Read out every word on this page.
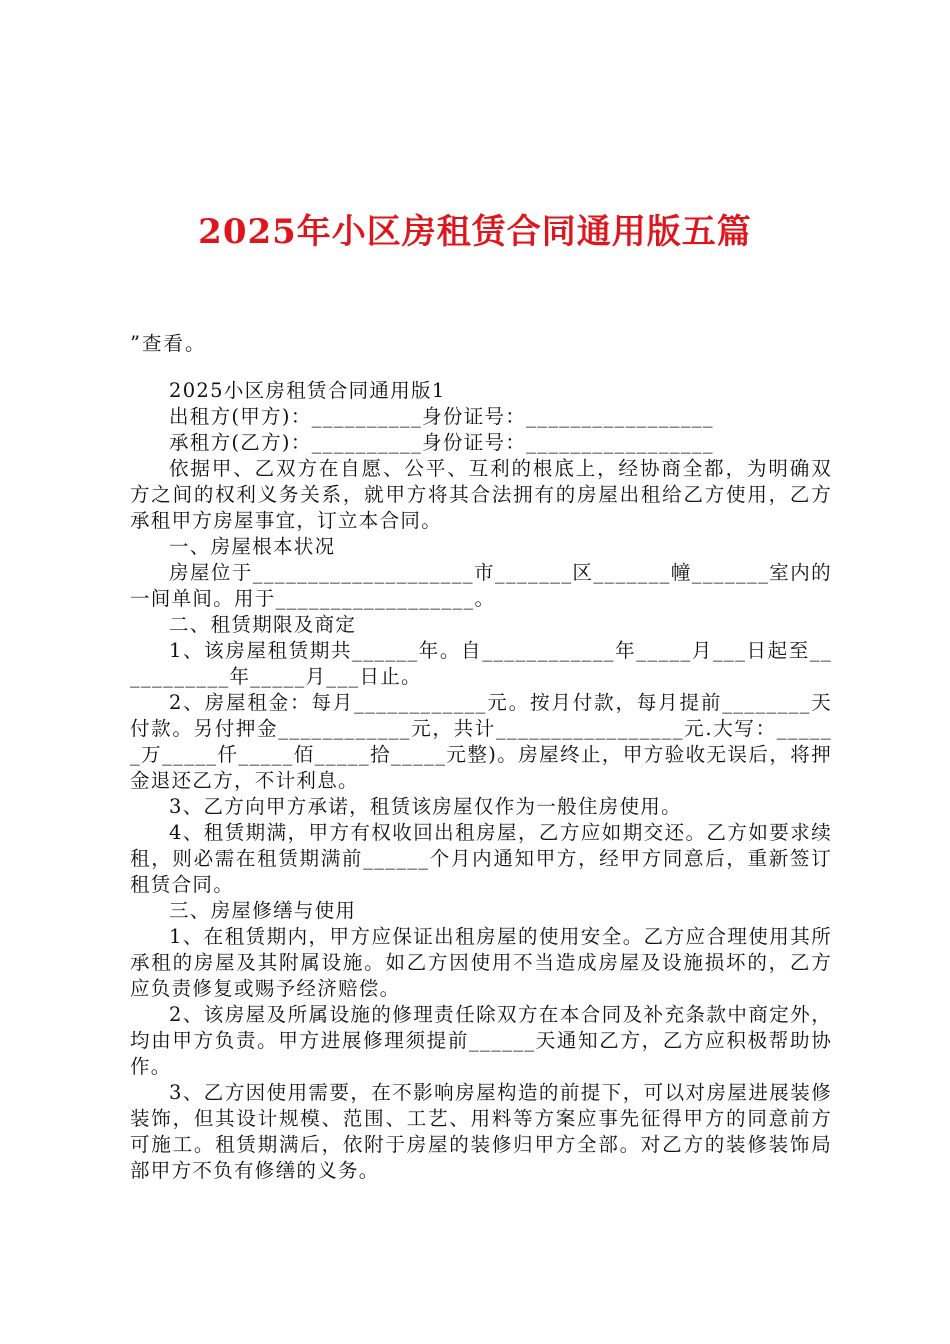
2025年小区房租赁合同通用版五篇
”查看。

2025小区房租赁合同通用版1

出租方(甲方)：__________身份证号：_________________

承租方(乙方)：__________身份证号：_________________

依据甲、乙双方在自愿、公平、互利的根底上，经协商全都，为明确双方之间的权利义务关系，就甲方将其合法拥有的房屋出租给乙方使用，乙方承租甲方房屋事宜，订立本合同。

一、房屋根本状况

房屋位于____________________市_______区_______幢_______室内的一间单间。用于__________________。

二、租赁期限及商定

1、该房屋租赁期共______年。自____________年_____月___日起至___________年_____月___日止。

2、房屋租金：每月____________元。按月付款，每月提前________天付款。另付押金____________元，共计_________________元.大写：______万_____仟_____佰_____拾_____元整)。房屋终止，甲方验收无误后，将押金退还乙方，不计利息。

3、乙方向甲方承诺，租赁该房屋仅作为一般住房使用。

4、租赁期满，甲方有权收回出租房屋，乙方应如期交还。乙方如要求续租，则必需在租赁期满前______个月内通知甲方，经甲方同意后，重新签订租赁合同。

三、房屋修缮与使用

1、在租赁期内，甲方应保证出租房屋的使用安全。乙方应合理使用其所承租的房屋及其附属设施。如乙方因使用不当造成房屋及设施损坏的，乙方应负责修复或赐予经济赔偿。

2、该房屋及所属设施的修理责任除双方在本合同及补充条款中商定外，均由甲方负责。甲方进展修理须提前______天通知乙方，乙方应积极帮助协作。

3、乙方因使用需要，在不影响房屋构造的前提下，可以对房屋进展装修装饰，但其设计规模、范围、工艺、用料等方案应事先征得甲方的同意前方可施工。租赁期满后，依附于房屋的装修归甲方全部。对乙方的装修装饰局部甲方不负有修缮的义务。
